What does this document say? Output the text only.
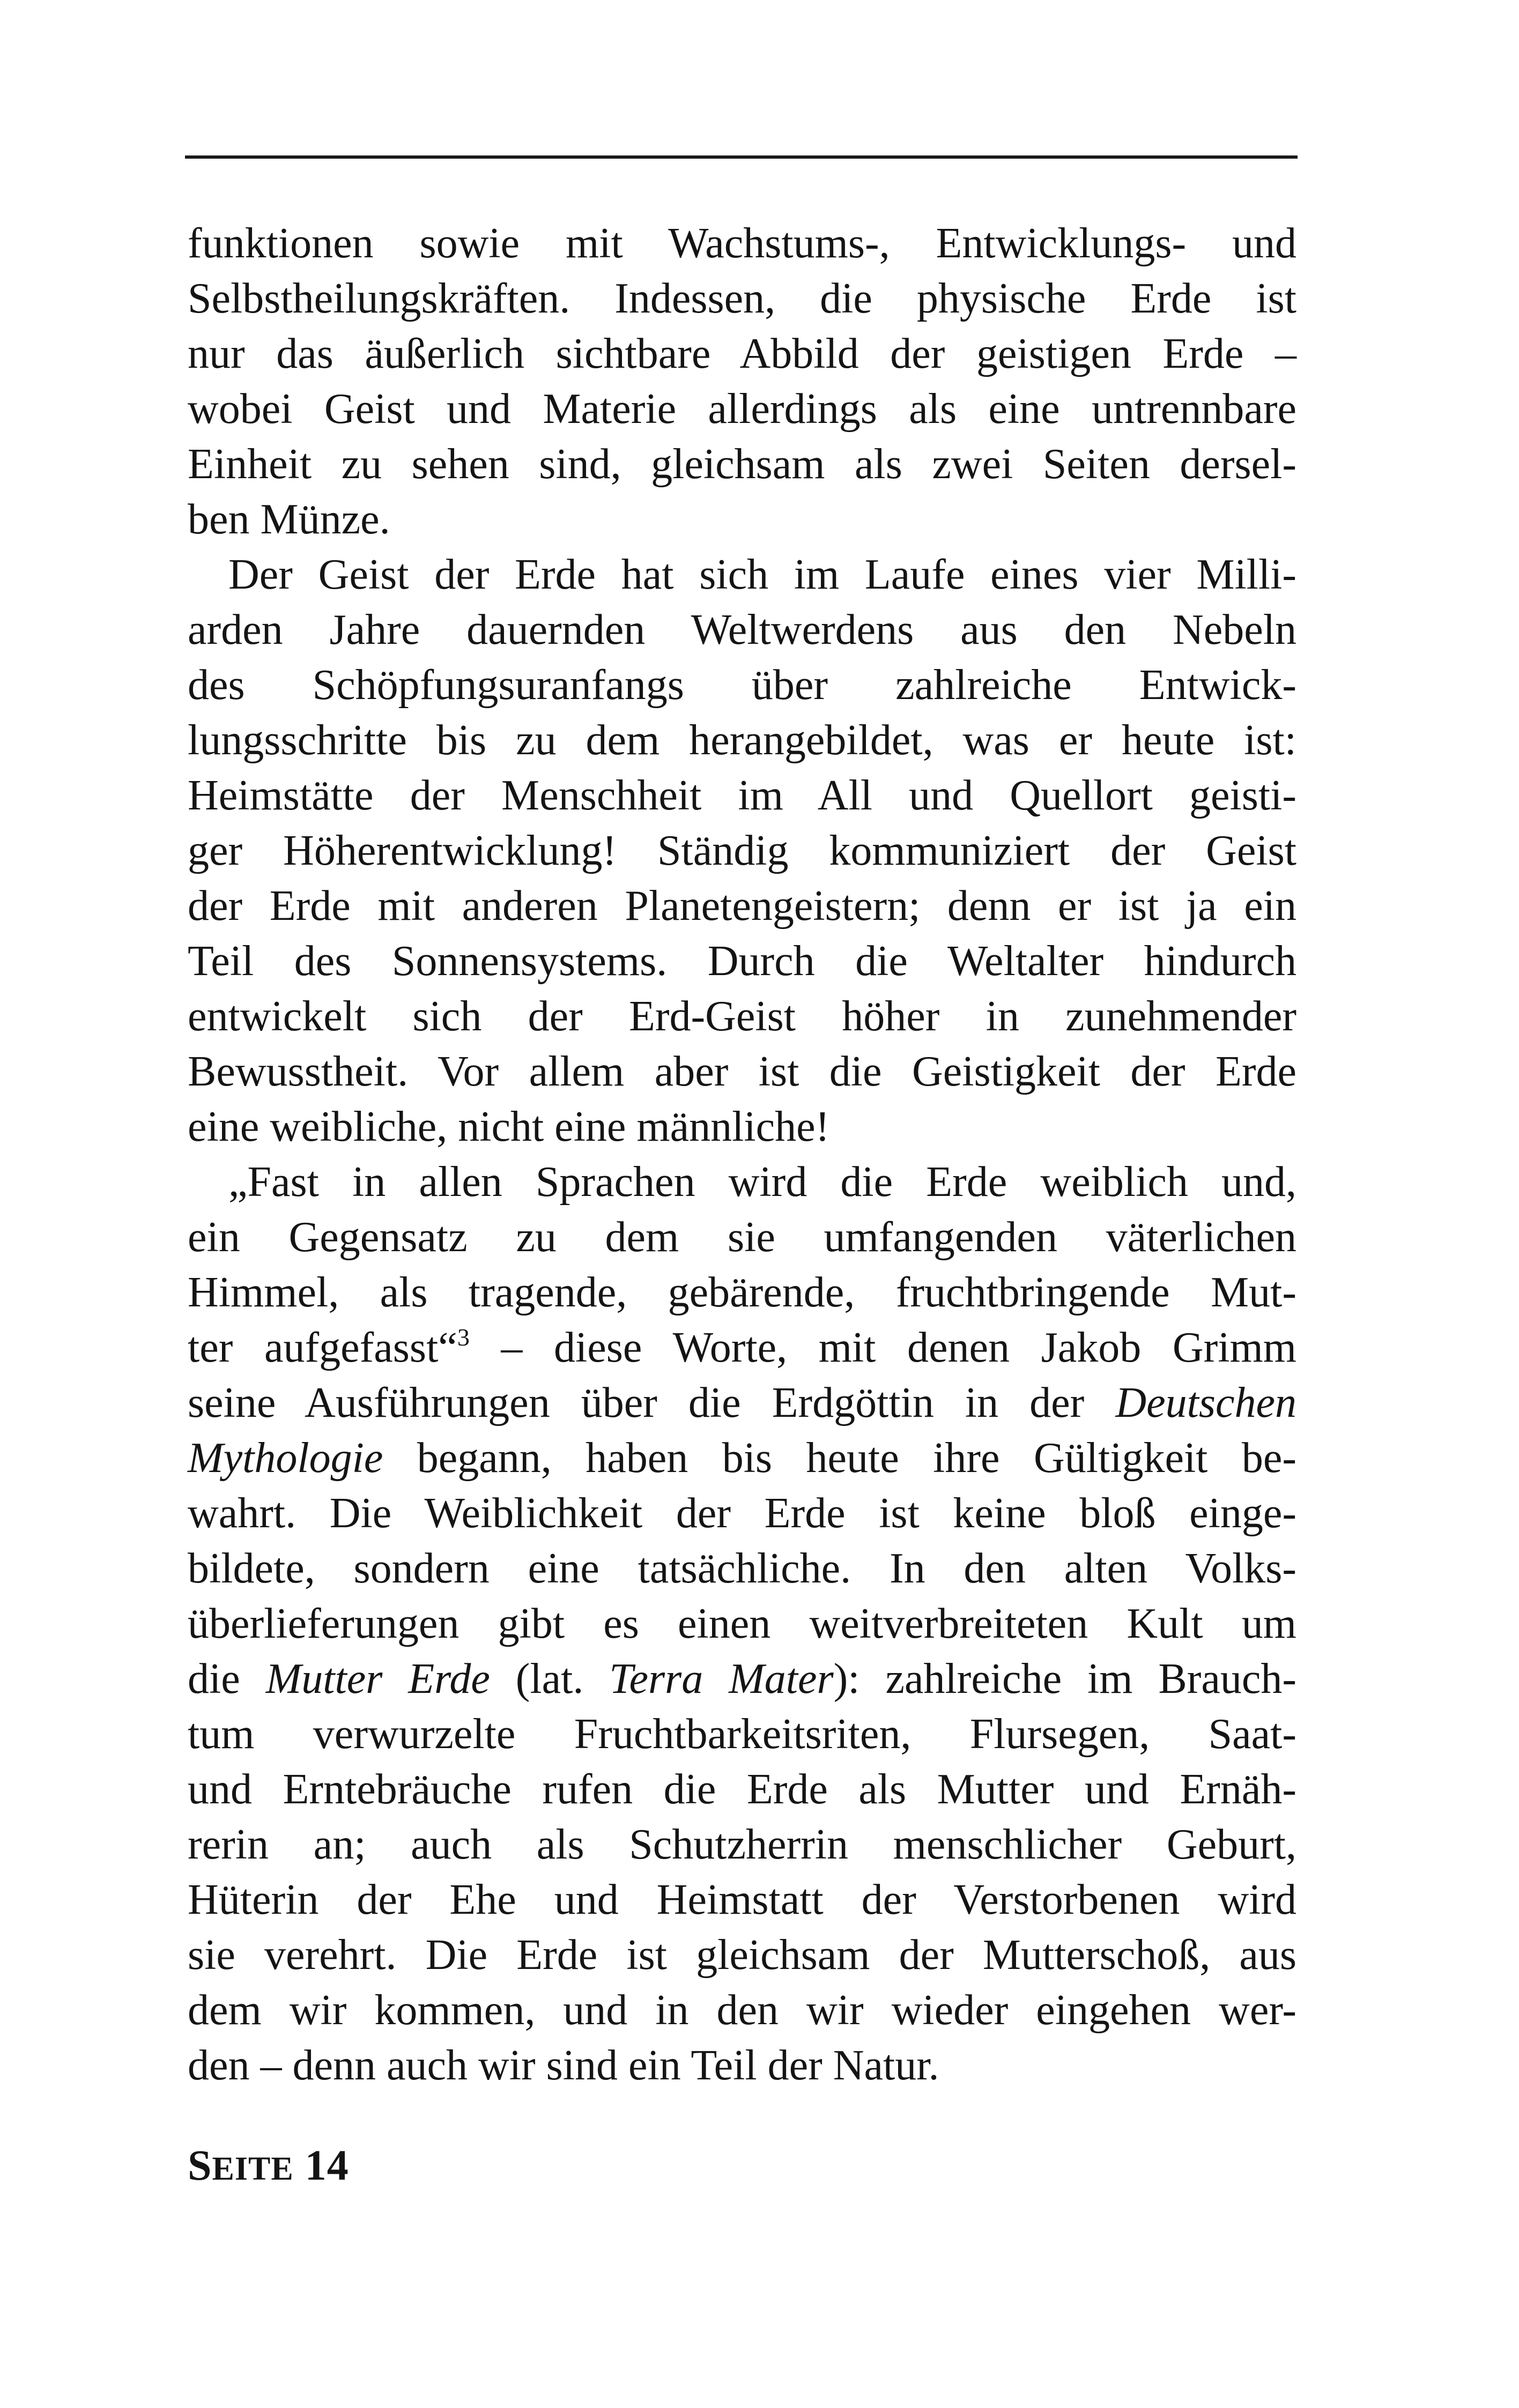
funktionen sowie mit Wachstums-, Entwicklungs- und
Selbstheilungskräften. Indessen, die physische Erde ist
nur das äußerlich sichtbare Abbild der geistigen Erde –
wobei Geist und Materie allerdings als eine untrennbare
Einheit zu sehen sind, gleichsam als zwei Seiten dersel-
ben Münze.
Der Geist der Erde hat sich im Laufe eines vier Milli-
arden Jahre dauernden Weltwerdens aus den Nebeln
des Schöpfungsuranfangs über zahlreiche Entwick-
lungsschritte bis zu dem herangebildet, was er heute ist:
Heimstätte der Menschheit im All und Quellort geisti-
ger Höherentwicklung! Ständig kommuniziert der Geist
der Erde mit anderen Planetengeistern; denn er ist ja ein
Teil des Sonnensystems. Durch die Weltalter hindurch
entwickelt sich der Erd-Geist höher in zunehmender
Bewusstheit. Vor allem aber ist die Geistigkeit der Erde
eine weibliche, nicht eine männliche!
„Fast in allen Sprachen wird die Erde weiblich und,
ein Gegensatz zu dem sie umfangenden väterlichen
Himmel, als tragende, gebärende, fruchtbringende Mut-
ter aufgefasst“$^3$ – diese Worte, mit denen Jakob Grimm
seine Ausführungen über die Erdgöttin in der Deutschen
Mythologie begann, haben bis heute ihre Gültigkeit be-
wahrt. Die Weiblichkeit der Erde ist keine bloß einge-
bildete, sondern eine tatsächliche. In den alten Volks-
überlieferungen gibt es einen weitverbreiteten Kult um
die Mutter Erde (lat. Terra Mater): zahlreiche im Brauch-
tum verwurzelte Fruchtbarkeitsriten, Flursegen, Saat-
und Erntebräuche rufen die Erde als Mutter und Ernäh-
rerin an; auch als Schutzherrin menschlicher Geburt,
Hüterin der Ehe und Heimstatt der Verstorbenen wird
sie verehrt. Die Erde ist gleichsam der Mutterschoß, aus
dem wir kommen, und in den wir wieder eingehen wer-
den – denn auch wir sind ein Teil der Natur.
SEITE 14
